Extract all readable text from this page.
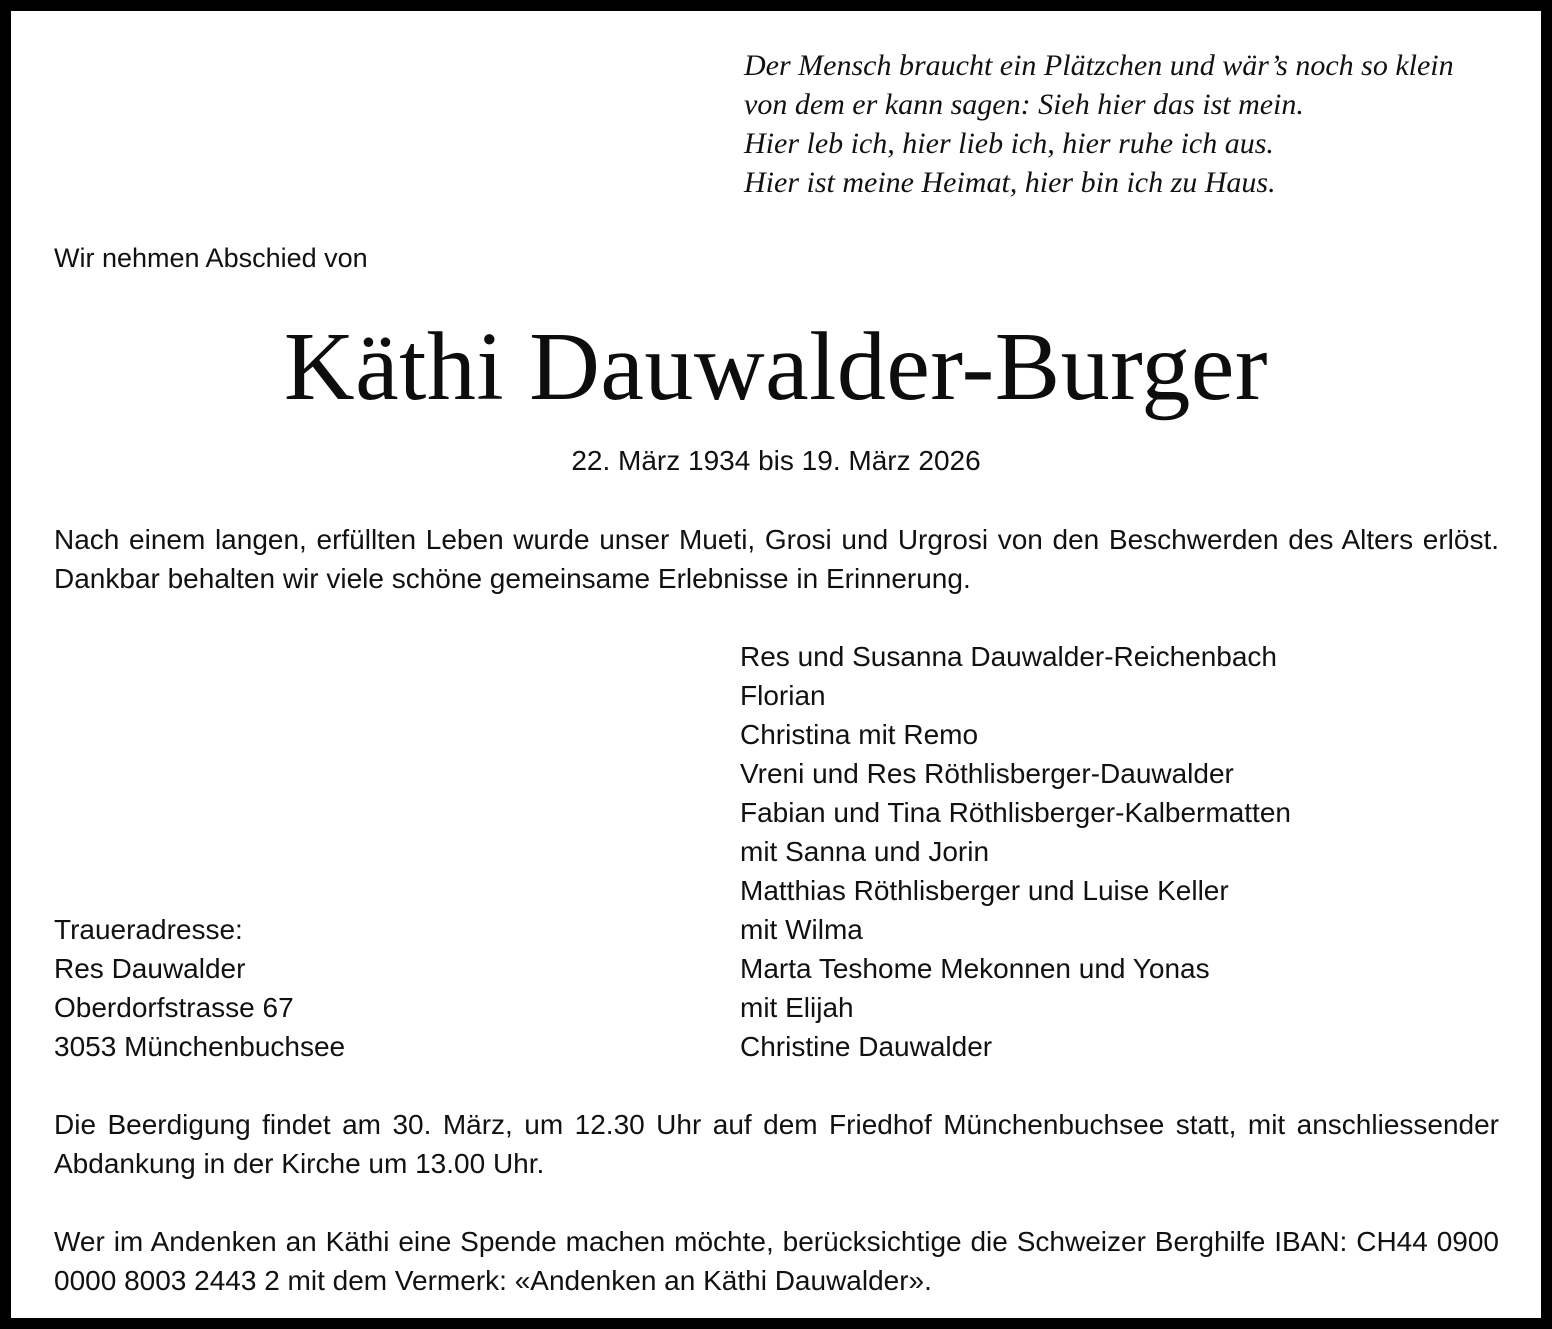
Der Mensch braucht ein Plätzchen und wär’s noch so klein
von dem er kann sagen: Sieh hier das ist mein.
Hier leb ich, hier lieb ich, hier ruhe ich aus.
Hier ist meine Heimat, hier bin ich zu Haus.
Wir nehmen Abschied von
Käthi Dauwalder-Burger
22. März 1934 bis 19. März 2026
Nach einem langen, erfüllten Leben wurde unser Mueti, Grosi und Urgrosi von den Beschwerden des Alters erlöst. Dankbar behalten wir viele schöne gemeinsame Erlebnisse in Erinnerung.
Res und Susanna Dauwalder-Reichenbach
Florian
Christina mit Remo
Vreni und Res Röthlisberger-Dauwalder
Fabian und Tina Röthlisberger-Kalbermatten
mit Sanna und Jorin
Matthias Röthlisberger und Luise Keller
mit Wilma
Marta Teshome Mekonnen und Yonas
mit Elijah
Christine Dauwalder
Traueradresse:
Res Dauwalder
Oberdorfstrasse 67
3053 Münchenbuchsee
Die Beerdigung findet am 30. März, um 12.30 Uhr auf dem Friedhof Münchenbuchsee statt, mit anschliessender Abdankung in der Kirche um 13.00 Uhr.
Wer im Andenken an Käthi eine Spende machen möchte, berücksichtige die Schweizer Berghilfe IBAN: CH44 0900 0000 8003 2443 2 mit dem Vermerk: «Andenken an Käthi Dauwalder».
